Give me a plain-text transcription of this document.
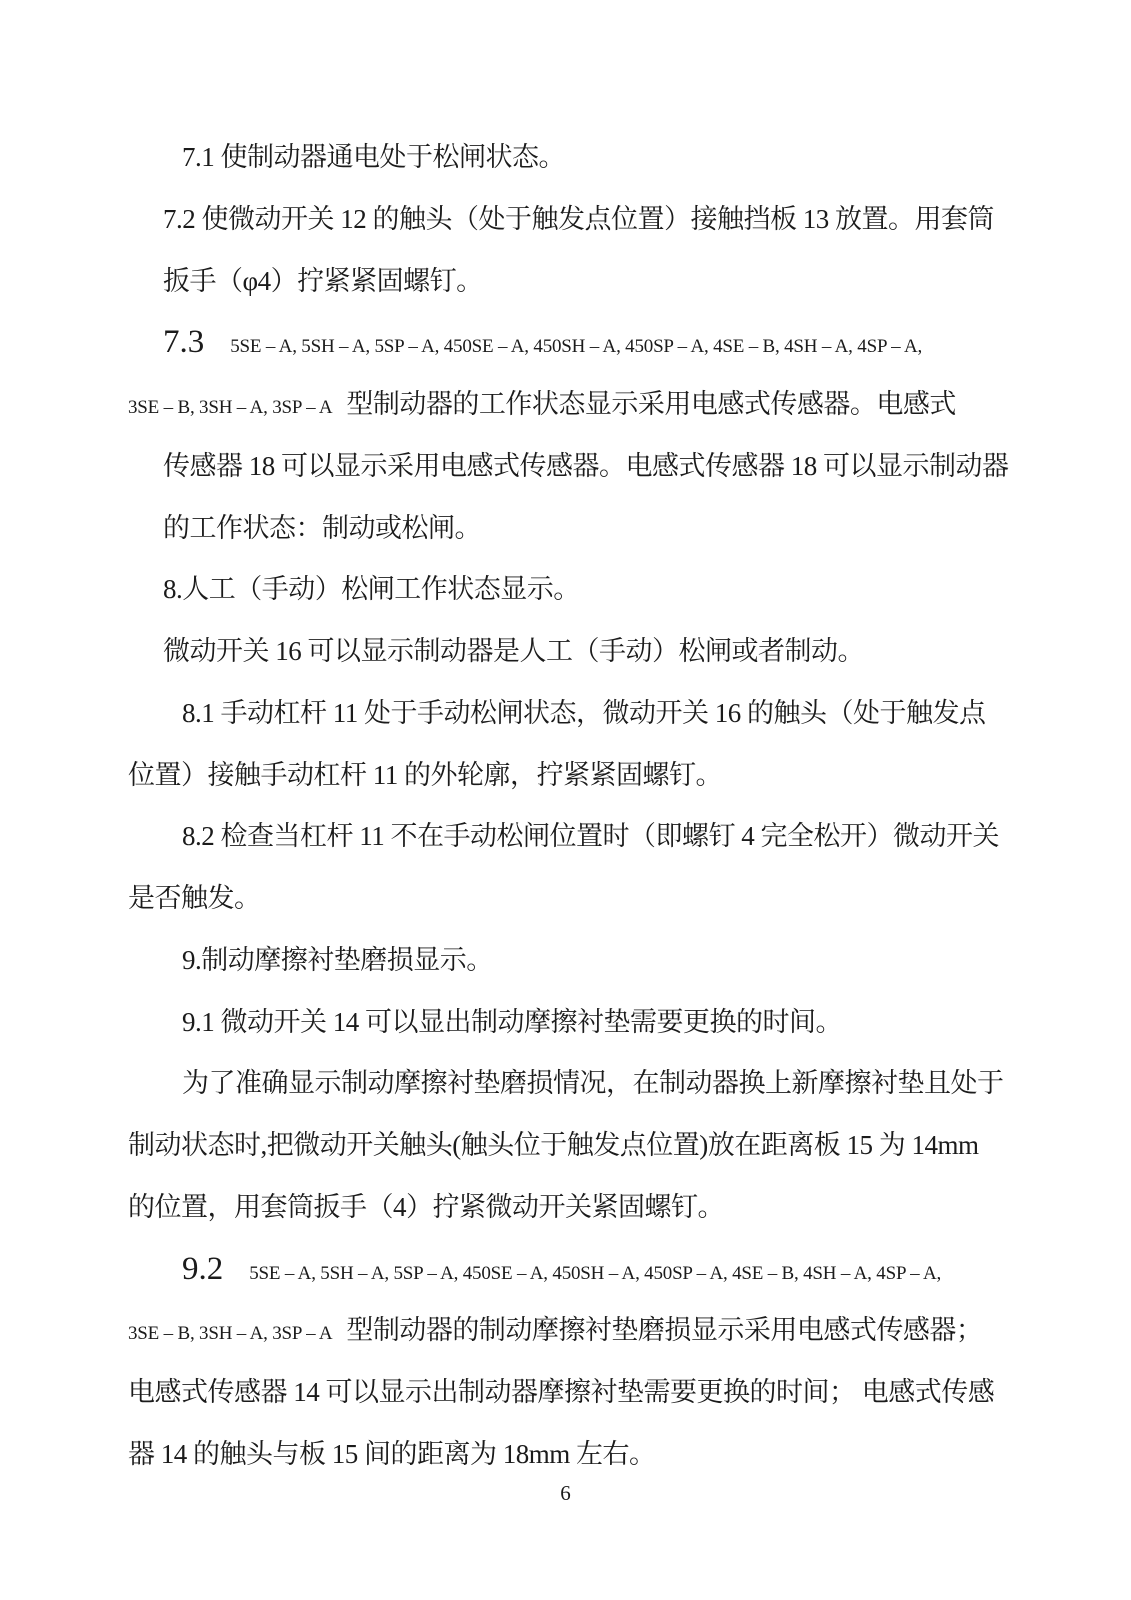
7.1 使制动器通电处于松闸状态。
7.2 使微动开关 12 的触头（处于触发点位置）接触挡板 13 放置。用套筒
扳手（φ4）拧紧紧固螺钉。
7.3 5SE – A, 5SH – A, 5SP – A, 450SE – A, 450SH – A, 450SP – A, 4SE – B, 4SH – A, 4SP – A,
3SE – B, 3SH – A, 3SP – A 型制动器的工作状态显示采用电感式传感器。电感式
传感器 18 可以显示采用电感式传感器。电感式传感器 18 可以显示制动器
的工作状态：制动或松闸。
8.人工（手动）松闸工作状态显示。
微动开关 16 可以显示制动器是人工（手动）松闸或者制动。
8.1 手动杠杆 11 处于手动松闸状态，微动开关 16 的触头（处于触发点
位置）接触手动杠杆 11 的外轮廓，拧紧紧固螺钉。
8.2 检查当杠杆 11 不在手动松闸位置时（即螺钉 4 完全松开）微动开关
是否触发。
9.制动摩擦衬垫磨损显示。
9.1 微动开关 14 可以显出制动摩擦衬垫需要更换的时间。
为了准确显示制动摩擦衬垫磨损情况，在制动器换上新摩擦衬垫且处于
制动状态时,把微动开关触头(触头位于触发点位置)放在距离板 15 为 14mm
的位置，用套筒扳手（4）拧紧微动开关紧固螺钉。
9.2 5SE – A, 5SH – A, 5SP – A, 450SE – A, 450SH – A, 450SP – A, 4SE – B, 4SH – A, 4SP – A,
3SE – B, 3SH – A, 3SP – A 型制动器的制动摩擦衬垫磨损显示采用电感式传感器；
电感式传感器 14 可以显示出制动器摩擦衬垫需要更换的时间； 电感式传感
器 14 的触头与板 15 间的距离为 18mm 左右。
6
